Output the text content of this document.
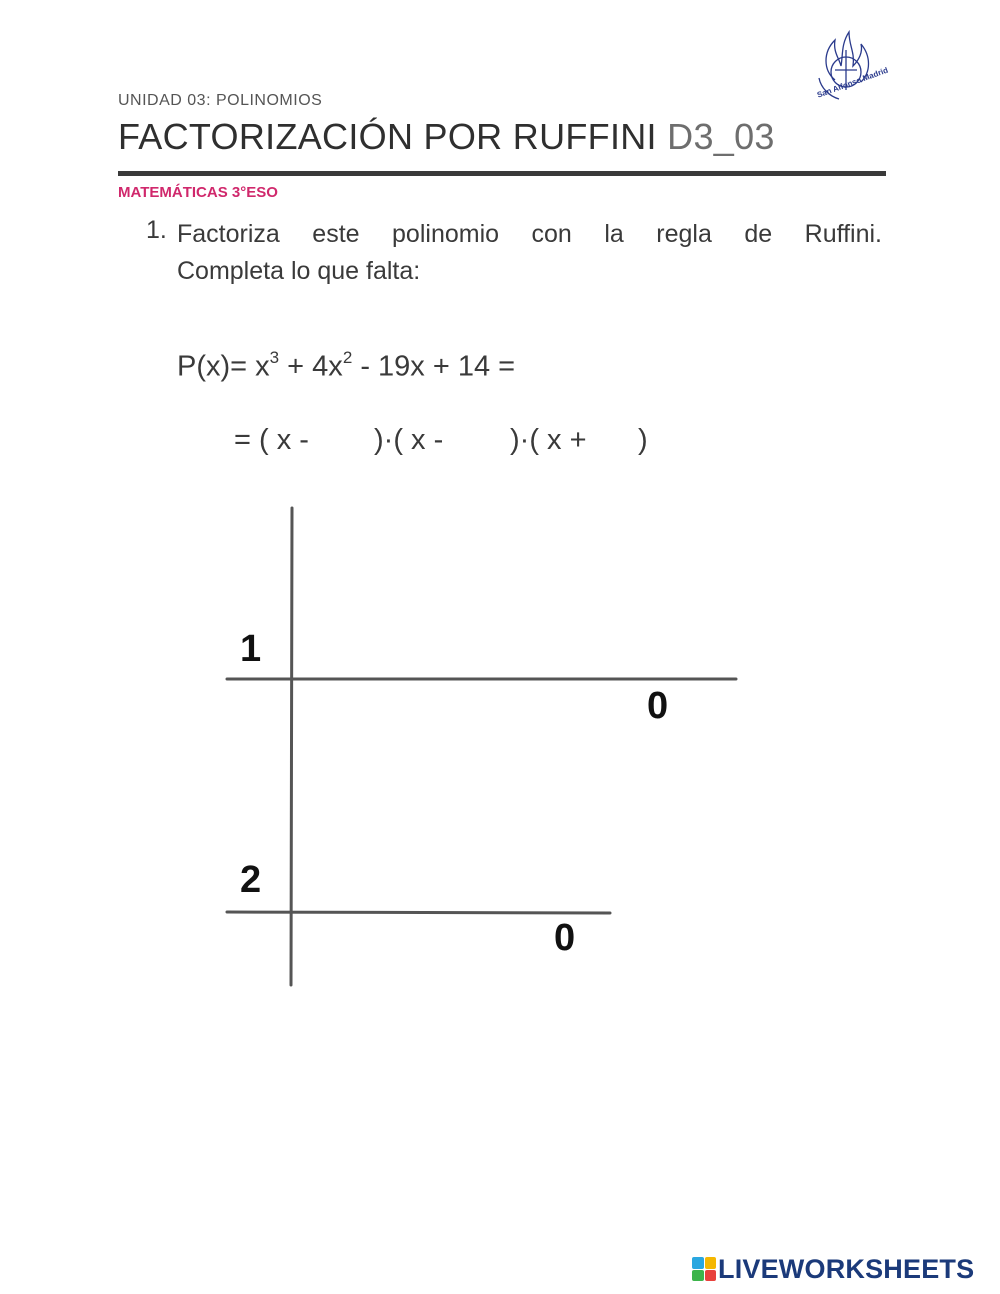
UNIDAD 03: POLINOMIOS
FACTORIZACIÓN POR RUFFINI D3_03
MATEMÁTICAS 3°ESO
San Alfonso Madrid
1. Factoriza este polinomio con la regla de Ruffini.
Completa lo que falta:
$P(x)= x^3 + 4x^2 - 19x + 14$ =
= ( x - )·( x - )·( x + )
1
0
2
0
LIVEWORKSHEETS
